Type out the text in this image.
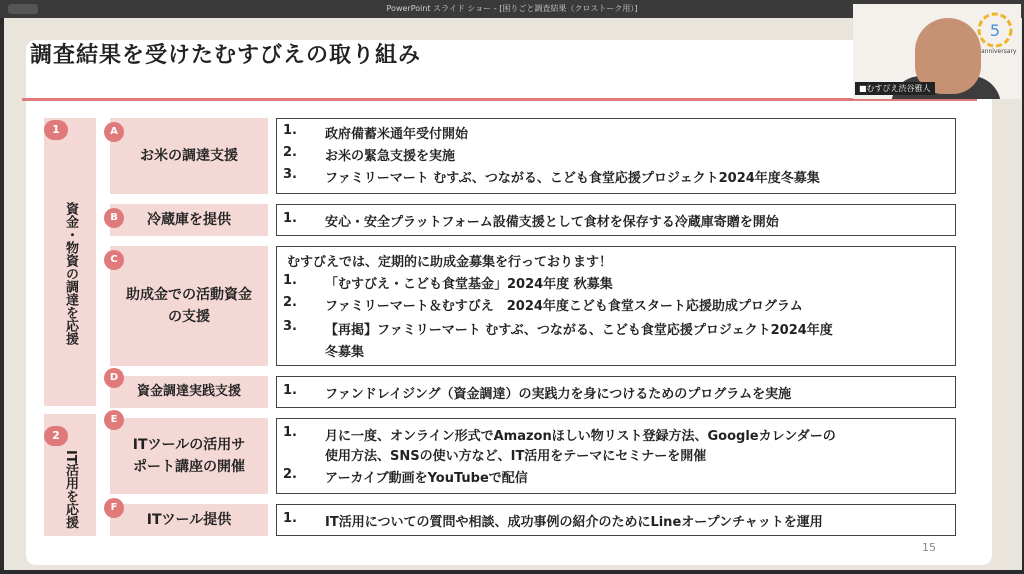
PowerPoint スライド ショー - [困りごと調査結果（クロストーク用）]
調査結果を受けたむすびえの取り組み
1
資金・物資の調達を応援
2
IT活用を応援
お米の調達支援
A
冷蔵庫を提供
B
助成金での活動資金の支援
C
資金調達実践支援
D
ITツールの活用サポート講座の開催
E
ITツール提供
F
1. 政府備蓄米通年受付開始
2. お米の緊急支援を実施
3. ファミリーマート むすぶ、つながる、こども食堂応援プロジェクト2024年度冬募集
1. 安心・安全プラットフォーム設備支援として食材を保存する冷蔵庫寄贈を開始
むすびえでは、定期的に助成金募集を行っております！
1. 「むすびえ・こども食堂基金」2024年度 秋募集
2. ファミリーマート＆むすびえ　2024年度こども食堂スタート応援助成プログラム
3. 【再掲】ファミリーマート むすぶ、つながる、こども食堂応援プロジェクト2024年度
冬募集
1. ファンドレイジング（資金調達）の実践力を身につけるためのプログラムを実施
1. 月に一度、オンライン形式でAmazonほしい物リスト登録方法、Googleカレンダーの
使用方法、SNSの使い方など、IT活用をテーマにセミナーを開催
2. アーカイブ動画をYouTubeで配信
1. IT活用についての質問や相談、成功事例の紹介のためにLineオープンチャットを運用
15
5
anniversary
■むすびえ渋谷雅人
